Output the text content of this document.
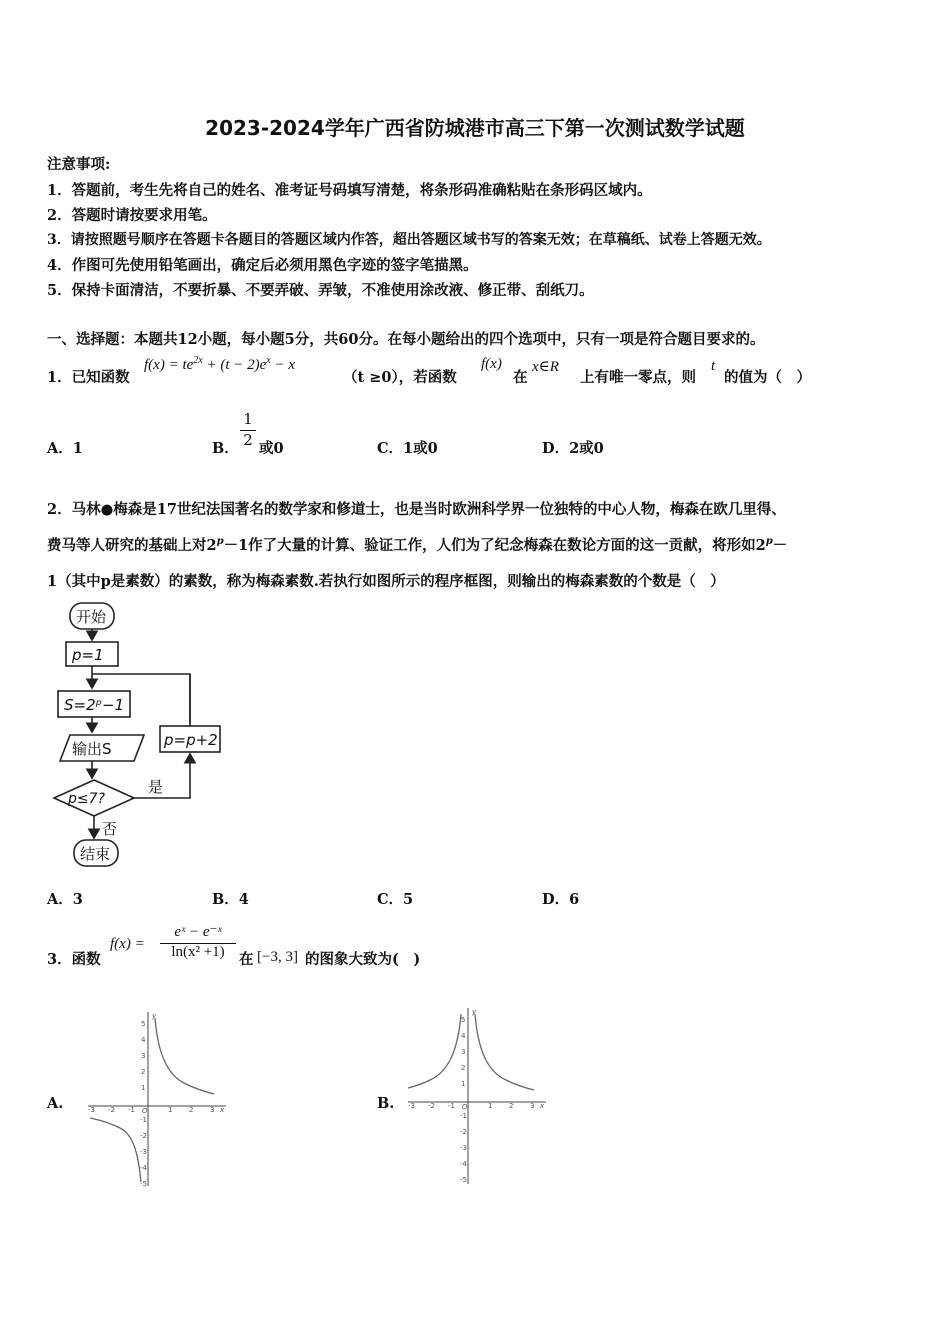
2023-2024学年广西省防城港市高三下第一次测试数学试题
注意事项:
1．答题前，考生先将自己的姓名、准考证号码填写清楚，将条形码准确粘贴在条形码区域内。
2．答题时请按要求用笔。
3．请按照题号顺序在答题卡各题目的答题区域内作答，超出答题区域书写的答案无效；在草稿纸、试卷上答题无效。
4．作图可先使用铅笔画出，确定后必须用黑色字迹的签字笔描黑。
5．保持卡面清洁，不要折暴、不要弄破、弄皱，不准使用涂改液、修正带、刮纸刀。
一、选择题：本题共12小题，每小题5分，共60分。在每小题给出的四个选项中，只有一项是符合题目要求的。
1．已知函数
$f(x) = te^{2x} + (t - 2)e^x - x$
（t ≥0），若函数
f(x)
在
x∈R
上有唯一零点，则
t
的值为（　）
A．1	B． $\frac{1}{2}$ 或0	C．1或0	D．2或0
2．马林●梅森是17世纪法国著名的数学家和修道士，也是当时欧洲科学界一位独特的中心人物，梅森在欧几里得、
费马等人研究的基础上对$2^p-1$作了大量的计算、验证工作，人们为了纪念梅森在数论方面的这一贡献，将形如$2^p-$
1（其中p是素数）的素数，称为梅森素数.若执行如图所示的程序框图，则输出的梅森素数的个数是（　）
开始
p=1
S=2ᵖ−1
输出S
p≤7?
是
否
p=p+2
结束
A．3	B．4	C．5	D．6
3．函数
$f(x) = \frac{\text{eˣ − e⁻ˣ}}{\text{ln(x² +1)}}$ 在 [−3, 3] 的图象大致为(　)
A.	B.
-3 -2 -1	1 2 3 x
O
y
5
4
3
2
1
-1
-2
-3
-4
-5
-3 -2 -1	1 2 3 x
O
y
5
4
3
2
1
-1
-2
-3
-4
-5
